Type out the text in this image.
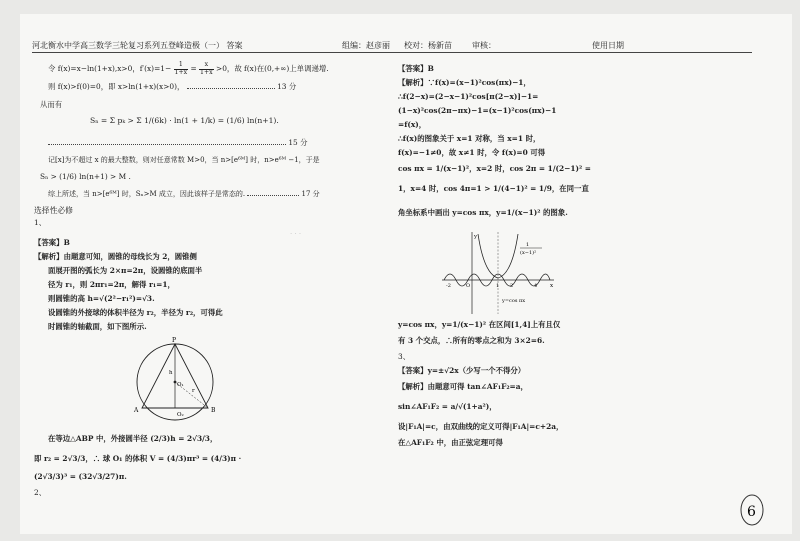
河北衡水中学高三数学三轮复习系列五登峰造极（一） 答案	组编：赵彦丽 校对：杨新苗	审核：	使用日期
令 f(x)=x−ln(1+x),x>0，$f'(x)=1- \frac{1}{1+x} = \frac{x}{1+x} >0$，故 f(x)在(0,+∞)上单调递增.
则 f(x)>f(0)=0，即 x>ln(1+x)(x>0)，	13 分
从而有
Sₙ = Σ pₖ > Σ 1/(6k) · ln(1 + 1/k) = (1/6) ln(n+1).
15 分
记[x]为不超过 x 的最大整数，则对任意常数 M>0，当 n>[e⁶ᴹ] 时，n>e⁶ᴹ −1，于是
Sₙ > (1/6) ln(n+1) > M .
综上所述，当 n>[e⁶ᴹ] 时，Sₙ>M 成立，因此该样子是常态的.	17 分
选择性必修
1、
【答案】B
【解析】由题意可知，圆锥的母线长为 2，圆锥侧
面展开图的弧长为 2×π=2π，设圆锥的底面半
径为 r₁，则 2πr₁=2π，解得 r₁=1，
则圆锥的高 h=√(2²−r₁²)=√3.
设圆锥的外接球的体积半径为 r₂，半径为 r₂，可得此
时圆锥的轴截面，如下图所示.
P
A	B
O₁
O₂
h
r
在等边△ABP 中，外接圆半径 (2/3)h = 2√3/3，
即 r₂ = 2√3/3，∴ 球 O₁ 的体积 V = (4/3)πr³ = (4/3)π ·
(2√3/3)³ = (32√3/27)π.
2、
· · ·
【答案】B
【解析】∵f(x)=(x−1)²cos(πx)−1，
∴f(2−x)=(2−x−1)²cos[π(2−x)]−1=
(1−x)²cos(2π−πx)−1=(x−1)²cos(πx)−1
=f(x)，
∴f(x)的图象关于 x=1 对称，当 x=1 时，
f(x)=−1≠0，故 x≠1 时，令 f(x)=0 可得
cos πx = 1/(x−1)²，x=2 时，cos 2π = 1/(2−1)² =
1，x=4 时，cos 4π=1 > 1/(4−1)² = 1/9，在同一直
角坐标系中画出 y=cos πx，y=1/(x−1)² 的图象.
y
x
O
-2	1 2	4
1
(x−1)²
y=cos πx
y=cos πx，y=1/(x−1)² 在区间[1,4]上有且仅
有 3 个交点，∴所有的零点之和为 3×2=6.
3、
【答案】y=±√2x（少写一个不得分）
【解析】由题意可得 tan∠AF₁F₂=a，
sin∠AF₁F₂ = a/√(1+a²)，
设|F₁A|=c，由双曲线的定义可得|F₁A|=c+2a，
在△AF₁F₂ 中，由正弦定理可得
6
